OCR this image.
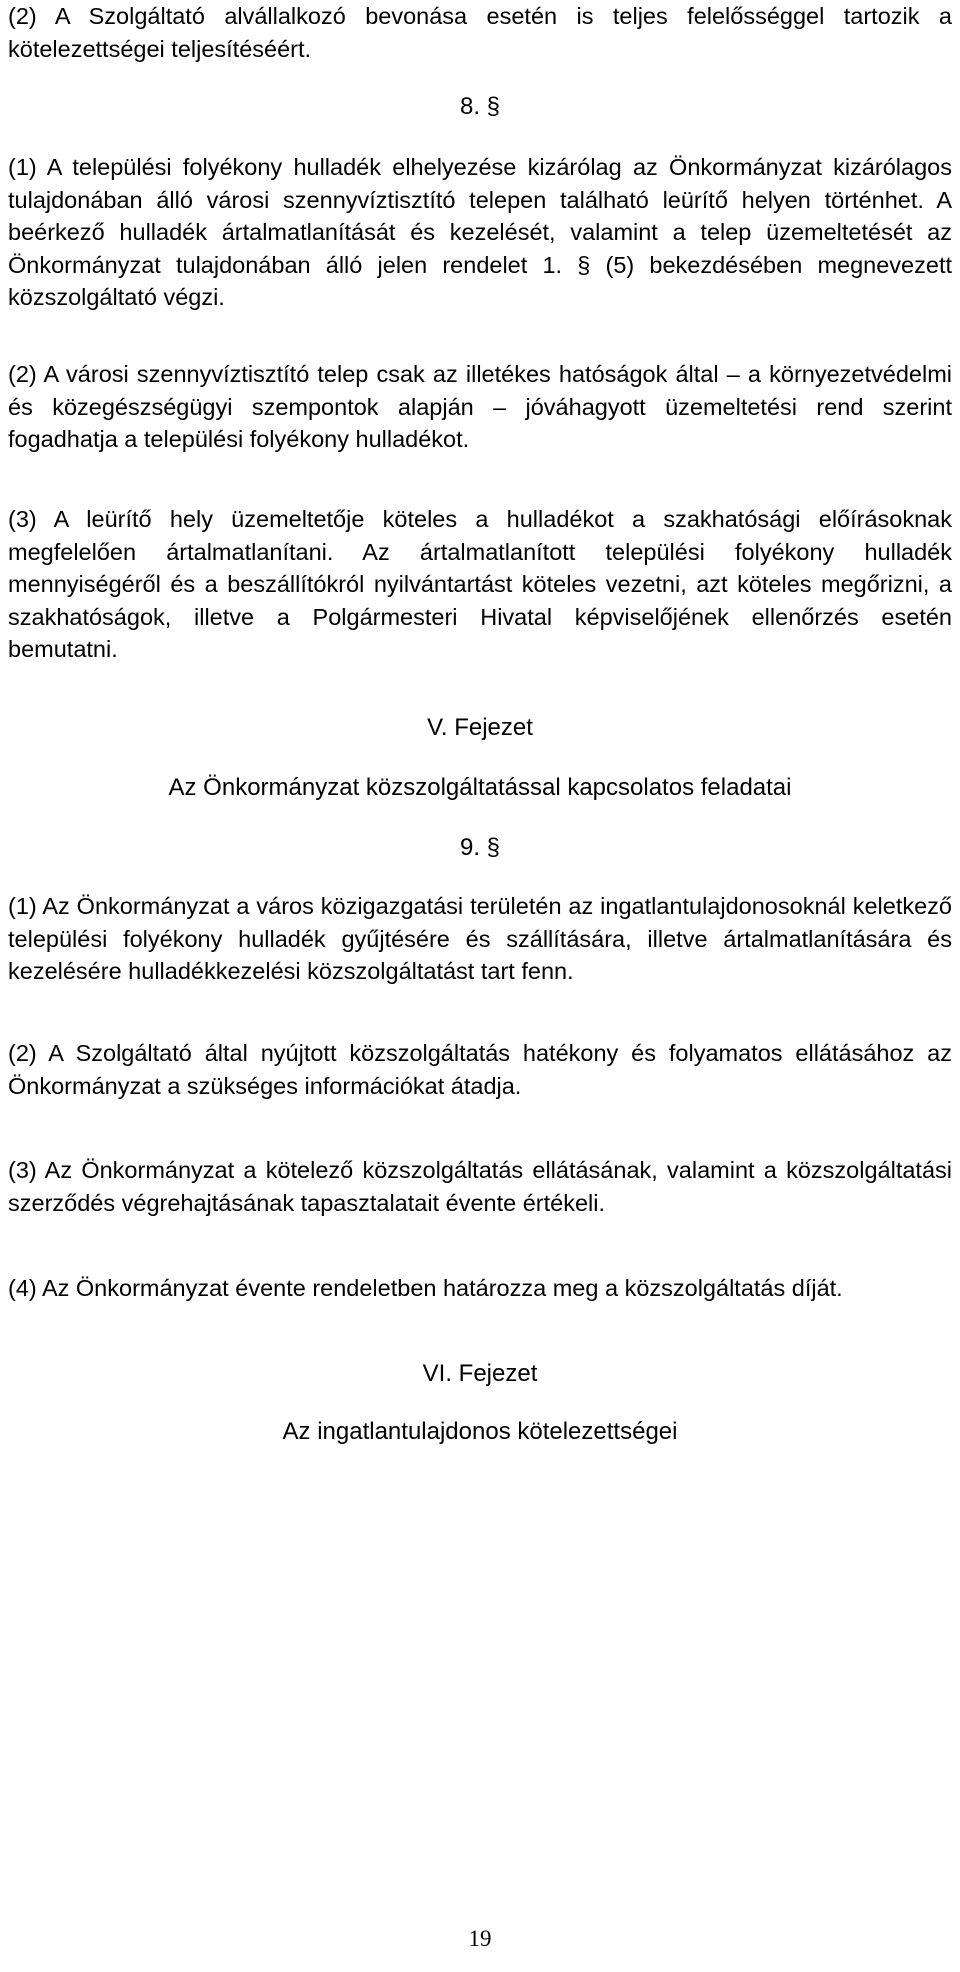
(2) A Szolgáltató alvállalkozó bevonása esetén is teljes felelősséggel tartozik a kötelezettségei teljesítéséért.

8. §

(1) A települési folyékony hulladék elhelyezése kizárólag az Önkormányzat kizárólagos tulajdonában álló városi szennyvíztisztító telepen található leürítő helyen történhet. A beérkező hulladék ártalmatlanítását és kezelését, valamint a telep üzemeltetését az Önkormányzat tulajdonában álló jelen rendelet 1. § (5) bekezdésében megnevezett közszolgáltató végzi.

(2) A városi szennyvíztisztító telep csak az illetékes hatóságok által – a környezetvédelmi és közegészségügyi szempontok alapján – jóváhagyott üzemeltetési rend szerint fogadhatja a települési folyékony hulladékot.

(3) A leürítő hely üzemeltetője köteles a hulladékot a szakhatósági előírásoknak megfelelően ártalmatlanítani. Az ártalmatlanított települési folyékony hulladék mennyiségéről és a beszállítókról nyilvántartást köteles vezetni, azt köteles megőrizni, a szakhatóságok, illetve a Polgármesteri Hivatal képviselőjének ellenőrzés esetén bemutatni.

V. Fejezet

Az Önkormányzat közszolgáltatással kapcsolatos feladatai

9. §

(1) Az Önkormányzat a város közigazgatási területén az ingatlantulajdonosoknál keletkező települési folyékony hulladék gyűjtésére és szállítására, illetve ártalmatlanítására és kezelésére hulladékkezelési közszolgáltatást tart fenn.

(2) A Szolgáltató által nyújtott közszolgáltatás hatékony és folyamatos ellátásához az Önkormányzat a szükséges információkat átadja.

(3) Az Önkormányzat a kötelező közszolgáltatás ellátásának, valamint a közszolgáltatási szerződés végrehajtásának tapasztalatait évente értékeli.

(4) Az Önkormányzat évente rendeletben határozza meg a közszolgáltatás díját.

VI. Fejezet

Az ingatlantulajdonos kötelezettségei

19
